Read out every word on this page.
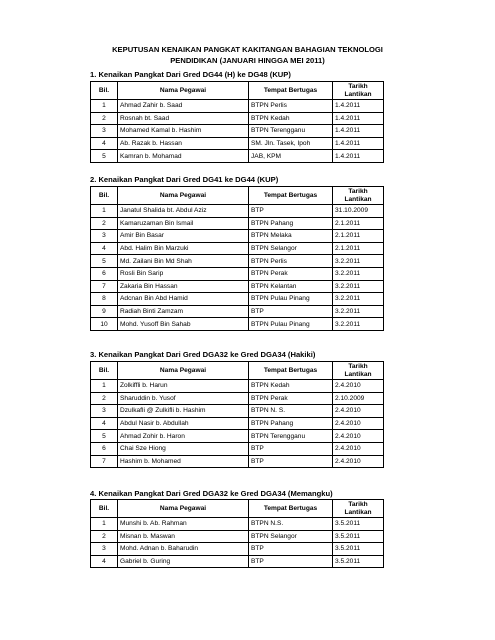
KEPUTUSAN KENAIKAN PANGKAT KAKITANGAN BAHAGIAN TEKNOLOGI
PENDIDIKAN (JANUARI HINGGA MEI 2011)
1. Kenaikan Pangkat Dari Gred DG44 (H) ke DG48 (KUP)
Bil.	Nama Pegawai	Tempat Bertugas	Tarikh
Lantikan
1	Ahmad Zahir b. Saad	BTPN Perlis	1.4.2011
2	Rosnah bt. Saad	BTPN Kedah	1.4.2011
3	Mohamed Kamal b. Hashim	BTPN Terengganu	1.4.2011
4	Ab. Razak b. Hassan	SM. Jln. Tasek, Ipoh	1.4.2011
5	Kamran b. Mohamad	JAB, KPM	1.4.2011
2. Kenaikan Pangkat Dari Gred DG41 ke DG44 (KUP)
Bil.	Nama Pegawai	Tempat Bertugas	Tarikh
Lantikan
1	Janatul Shalida bt. Abdul Aziz	BTP	31.10.2009
2	Kamaruzaman Bin Ismail	BTPN Pahang	2.1.2011
3	Amir Bin Basar	BTPN Melaka	2.1.2011
4	Abd. Halim Bin Marzuki	BTPN Selangor	2.1.2011
5	Md. Zailani Bin Md Shah	BTPN Perlis	3.2.2011
6	Rosli Bin Sarip	BTPN Perak	3.2.2011
7	Zakaria Bin Hassan	BTPN Kelantan	3.2.2011
8	Adcnan Bin Abd Hamid	BTPN Pulau Pinang	3.2.2011
9	Radiah Binti Zamzam	BTP	3.2.2011
10	Mohd. Yusoff Bin Sahab	BTPN Pulau Pinang	3.2.2011
3. Kenaikan Pangkat Dari Gred DGA32 ke Gred DGA34 (Hakiki)
Bil.	Nama Pegawai	Tempat Bertugas	Tarikh
Lantikan
1	Zolkiffli b. Harun	BTPN Kedah	2.4.2010
2	Sharuddin b. Yusof	BTPN Perak	2.10.2009
3	Dzulkafli @ Zulkifli b. Hashim	BTPN N. S.	2.4.2010
4	Abdul Nasir b. Abdullah	BTPN Pahang	2.4.2010
5	Ahmad Zohir b. Haron	BTPN Terengganu	2.4.2010
6	Chai Sze Hiong	BTP	2.4.2010
7	Hashim b. Mohamed	BTP	2.4.2010
4. Kenaikan Pangkat Dari Gred DGA32 ke Gred DGA34 (Memangku)
Bil.	Nama Pegawai	Tempat Bertugas	Tarikh
Lantikan
1	Munshi b. Ab. Rahman	BTPN N.S.	3.5.2011
2	Misnan b. Maswan	BTPN Selangor	3.5.2011
3	Mohd. Adnan b. Baharudin	BTP	3.5.2011
4	Gabriel b. Guring	BTP	3.5.2011
